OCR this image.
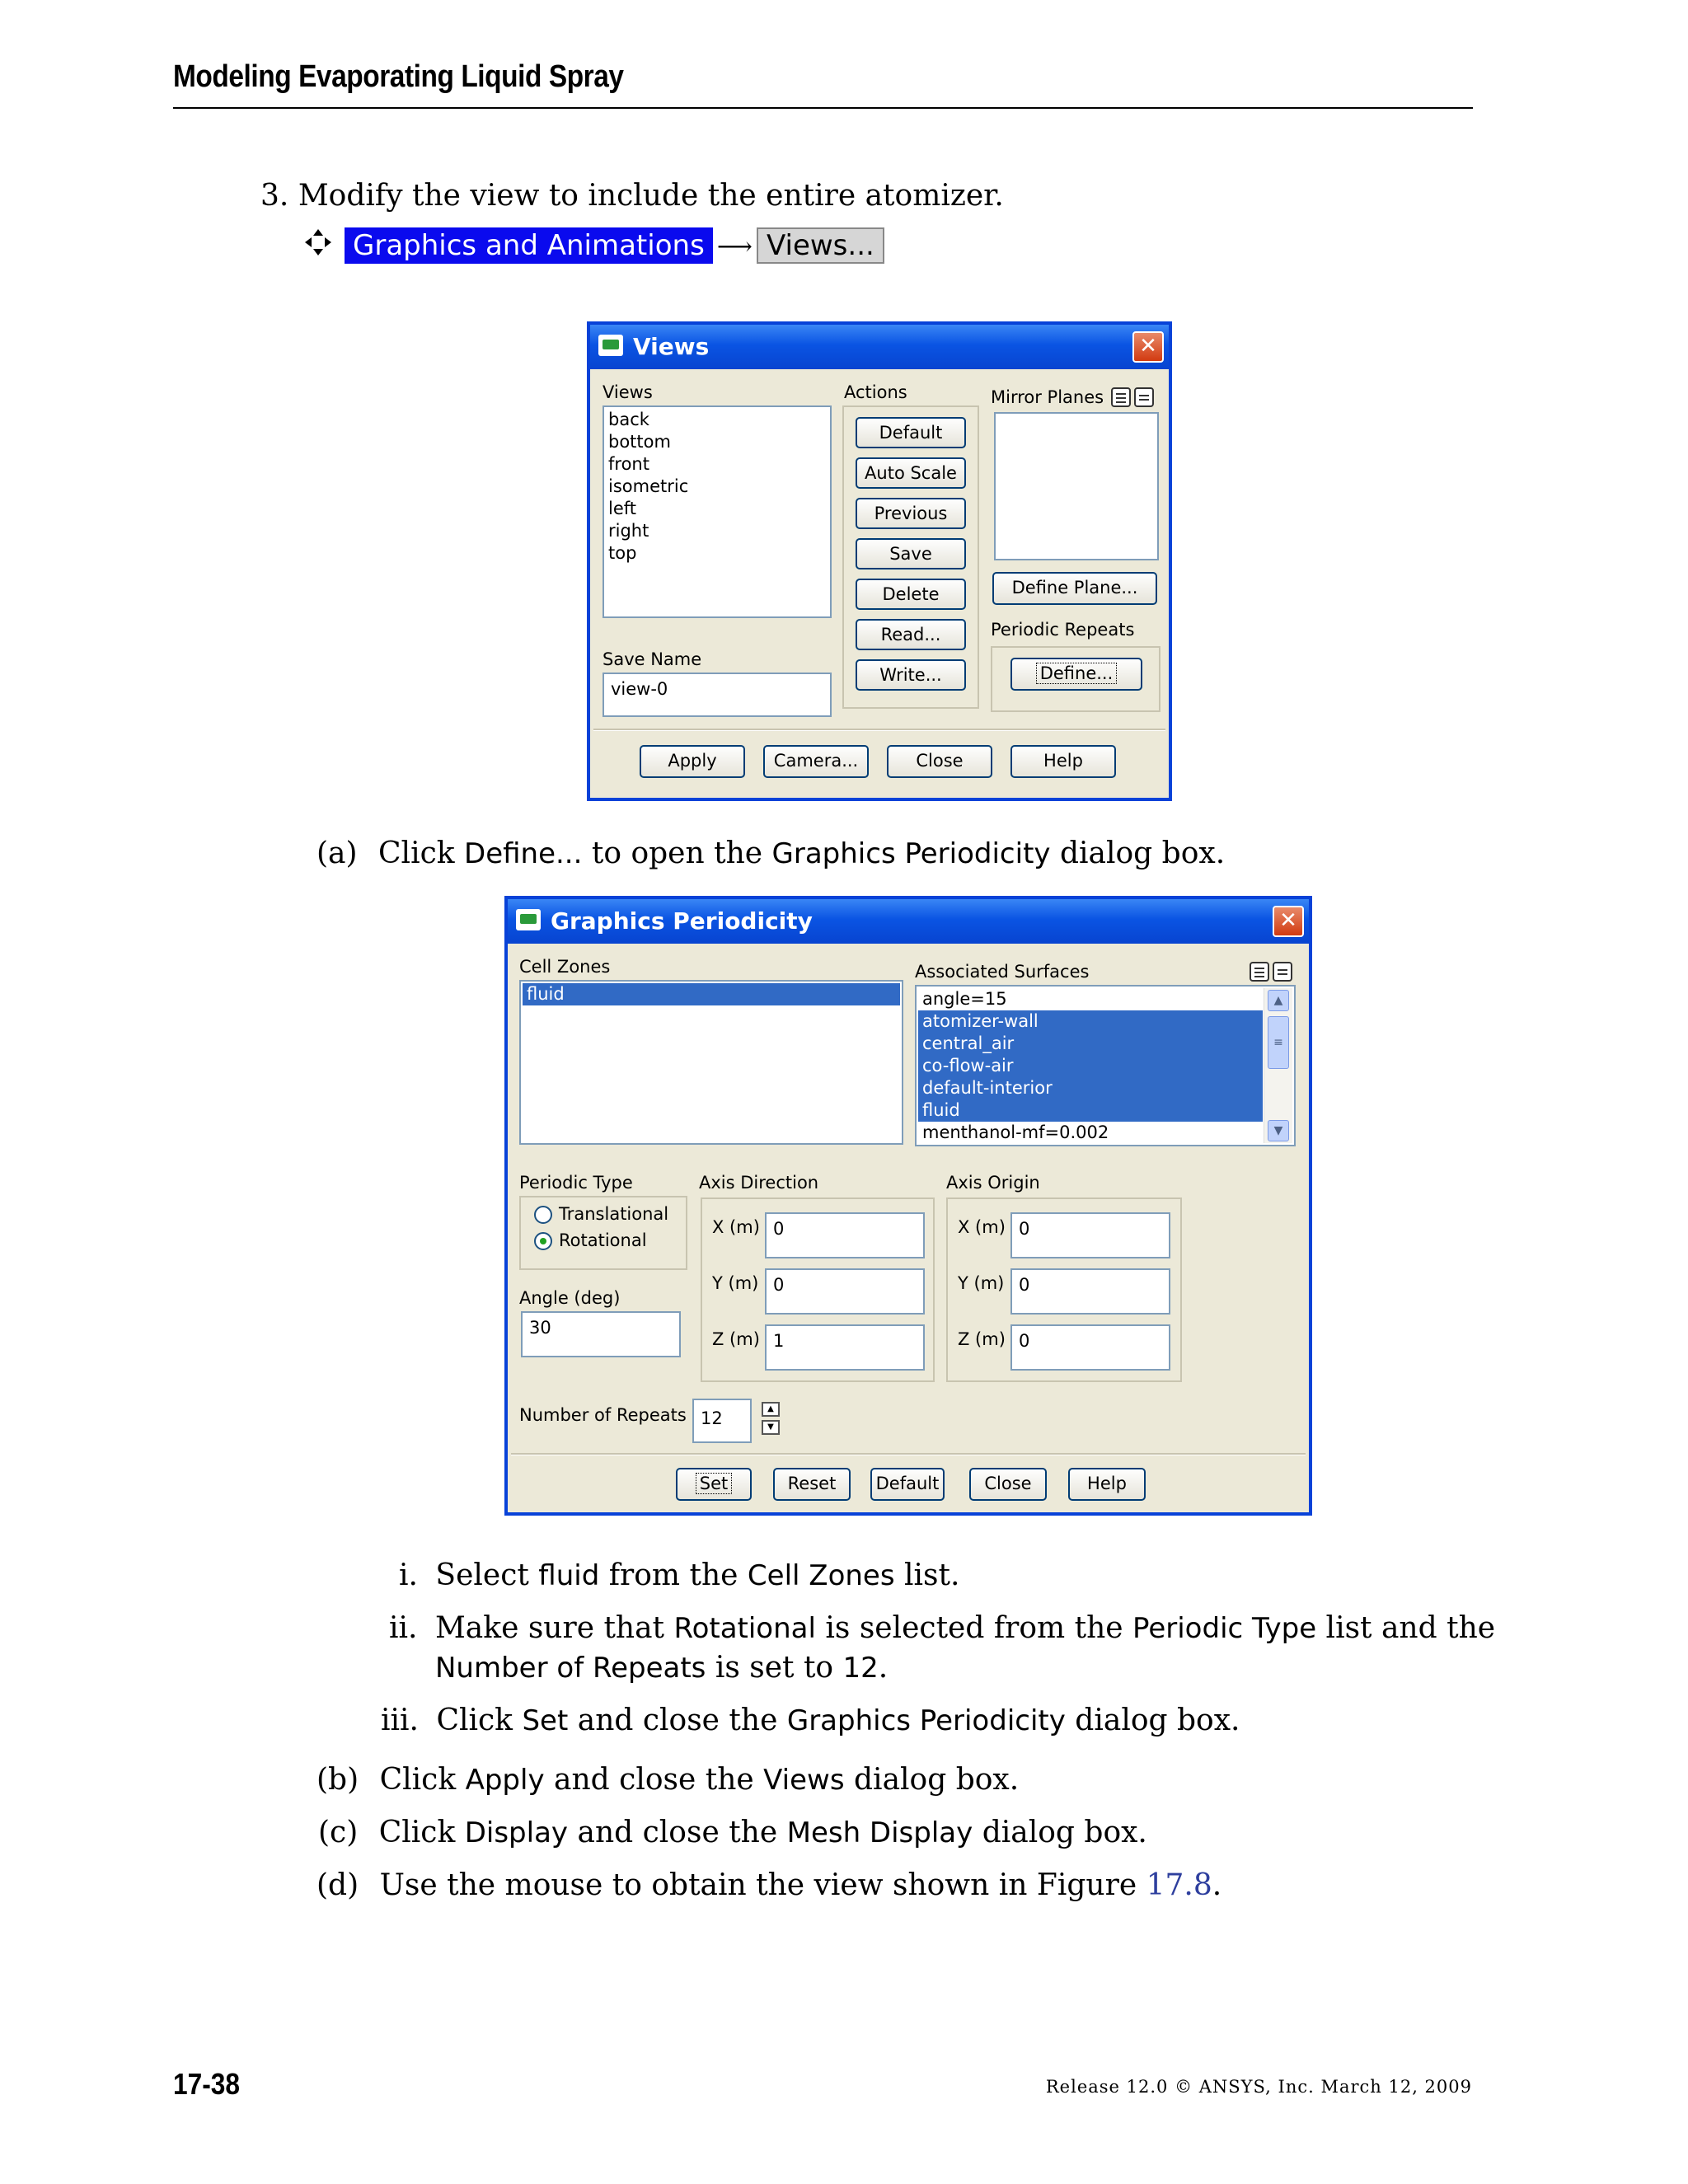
Modeling Evaporating Liquid Spray
3. Modify the view to include the entire atomizer.
Graphics and Animations ⟶ Views...
Views	✕
Views
back
bottom
front
isometric
left
right
top
Save Name
view-0
Actions
Default
Auto Scale
Previous
Save
Delete
Read...
Write...
Mirror Planes
Define Plane...
Periodic Repeats
Define...
Apply	Camera...	Close	Help
(a) Click Define... to open the Graphics Periodicity dialog box.
Graphics Periodicity	✕
Cell Zones
fluid
Associated Surfaces
angle=15
atomizer-wall
central_air
co-flow-air
default-interior
fluid
menthanol-mf=0.002
▲
≡
▼
Periodic Type
Translational
Rotational
Angle (deg)
30
Axis Direction
X (m) 0
Y (m) 0
Z (m) 1
Axis Origin
X (m) 0
Y (m) 0
Z (m) 0
Number of Repeats 12	▲
▼
Set	Reset	Default	Close	Help
i. Select fluid from the Cell Zones list.
ii. Make sure that Rotational is selected from the Periodic Type list and the
Number of Repeats is set to 12.
iii. Click Set and close the Graphics Periodicity dialog box.
(b) Click Apply and close the Views dialog box.
(c) Click Display and close the Mesh Display dialog box.
(d) Use the mouse to obtain the view shown in Figure 17.8.
17-38	Release 12.0 © ANSYS, Inc. March 12, 2009
